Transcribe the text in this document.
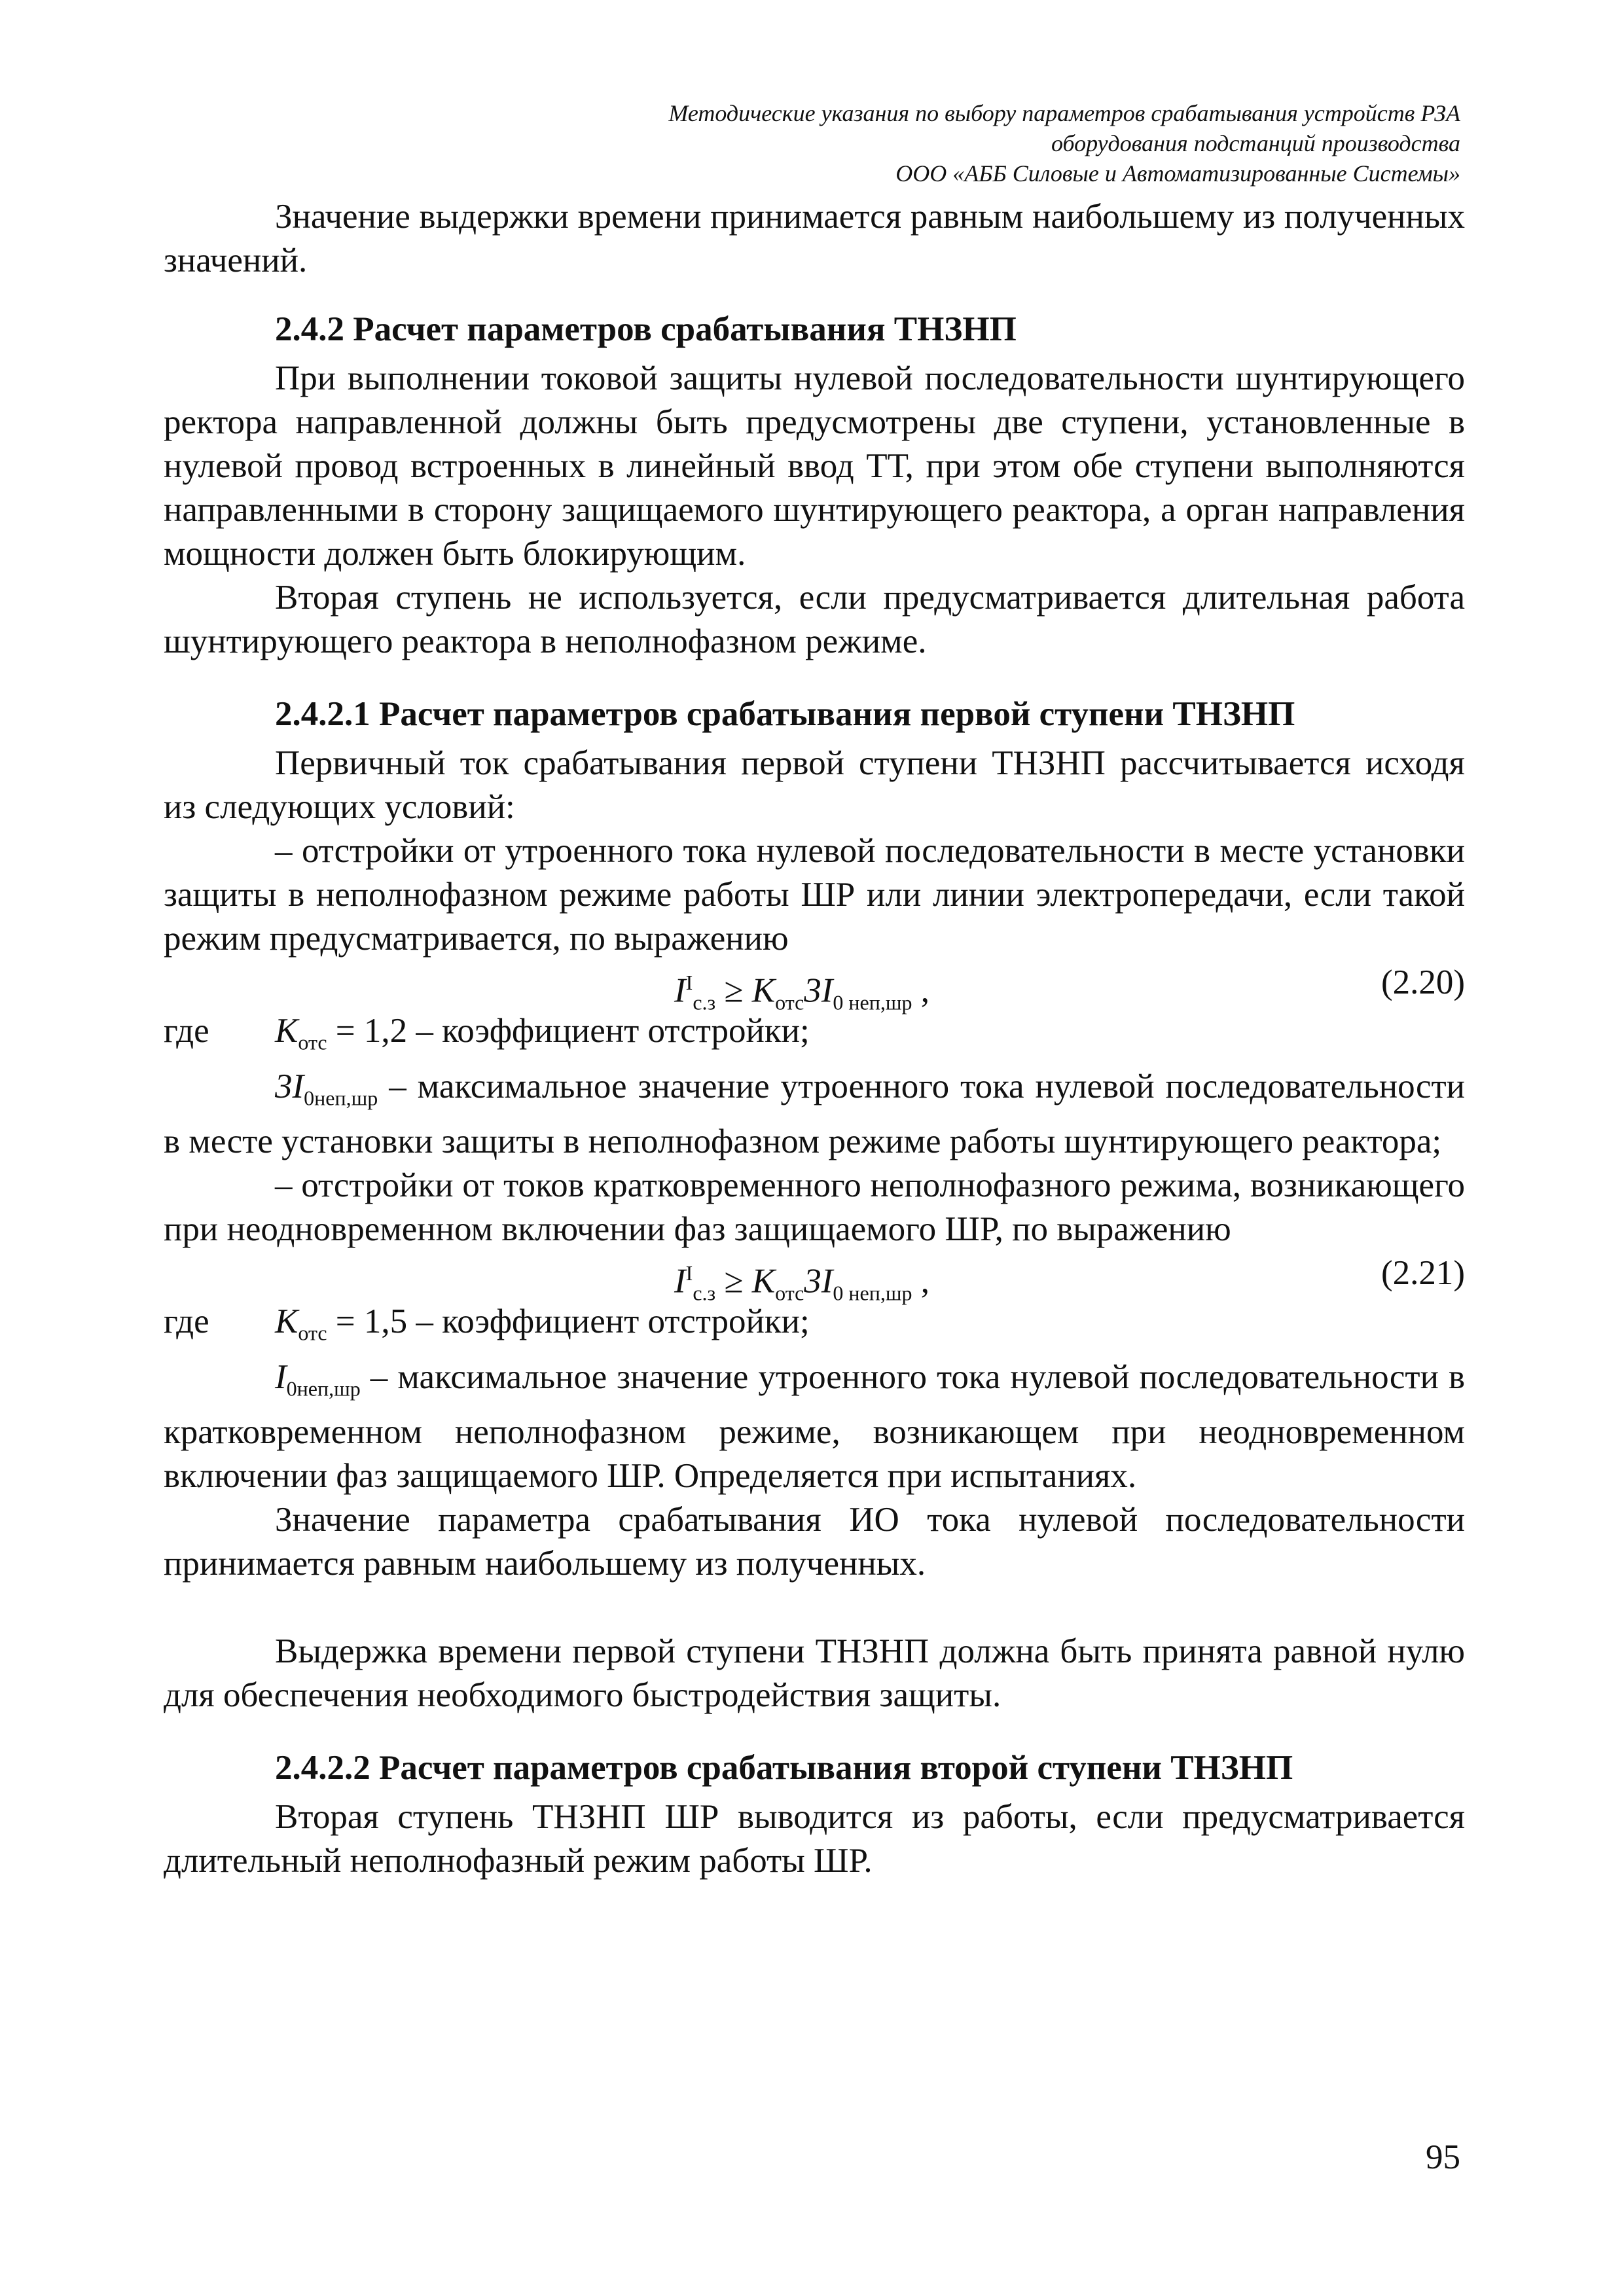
Методические указания по выбору параметров срабатывания устройств РЗА
оборудования подстанций производства
ООО «АББ Силовые и Автоматизированные Системы»

Значение выдержки времени принимается равным наибольшему из полученных значений.

2.4.2 Расчет параметров срабатывания ТНЗНП

При выполнении токовой защиты нулевой последовательности шунтирующего ректора направленной должны быть предусмотрены две ступени, установленные в нулевой провод встроенных в линейный ввод ТТ, при этом обе ступени выполняются направленными в сторону защищаемого шунтирующего реактора, а орган направления мощности должен быть блокирующим.

Вторая ступень не используется, если предусматривается длительная работа шунтирующего реактора в неполнофазном режиме.

2.4.2.1 Расчет параметров срабатывания первой ступени ТНЗНП

Первичный ток срабатывания первой ступени ТНЗНП рассчитывается исходя из следующих условий:

– отстройки от утроенного тока нулевой последовательности в месте установки защиты в неполнофазном режиме работы ШР или линии электропередачи, если такой режим предусматривается, по выражению

$I^I_{с.з} \ge K_{отс}3I_{0 неп,шр}$ ,	(2.20)
где	$K_{отс} = 1,2$ – коэффициент отстройки;

$3I_{0неп,шр}$ – максимальное значение утроенного тока нулевой последовательности в месте установки защиты в неполнофазном режиме работы шунтирующего реактора;

– отстройки от токов кратковременного неполнофазного режима, возникающего при неодновременном включении фаз защищаемого ШР, по выражению

$I^I_{с.з} \ge K_{отс}3I_{0 неп,шр}$ ,	(2.21)
где	$K_{отс} = 1,5$ – коэффициент отстройки;

$I_{0неп,шр}$ – максимальное значение утроенного тока нулевой последовательности в кратковременном неполнофазном режиме, возникающем при неодновременном включении фаз защищаемого ШР. Определяется при испытаниях.

Значение параметра срабатывания ИО тока нулевой последовательности принимается равным наибольшему из полученных.

Выдержка времени первой ступени ТНЗНП должна быть принята равной нулю для обеспечения необходимого быстродействия защиты.

2.4.2.2 Расчет параметров срабатывания второй ступени ТНЗНП

Вторая ступень ТНЗНП ШР выводится из работы, если предусматривается длительный неполнофазный режим работы ШР.

95
